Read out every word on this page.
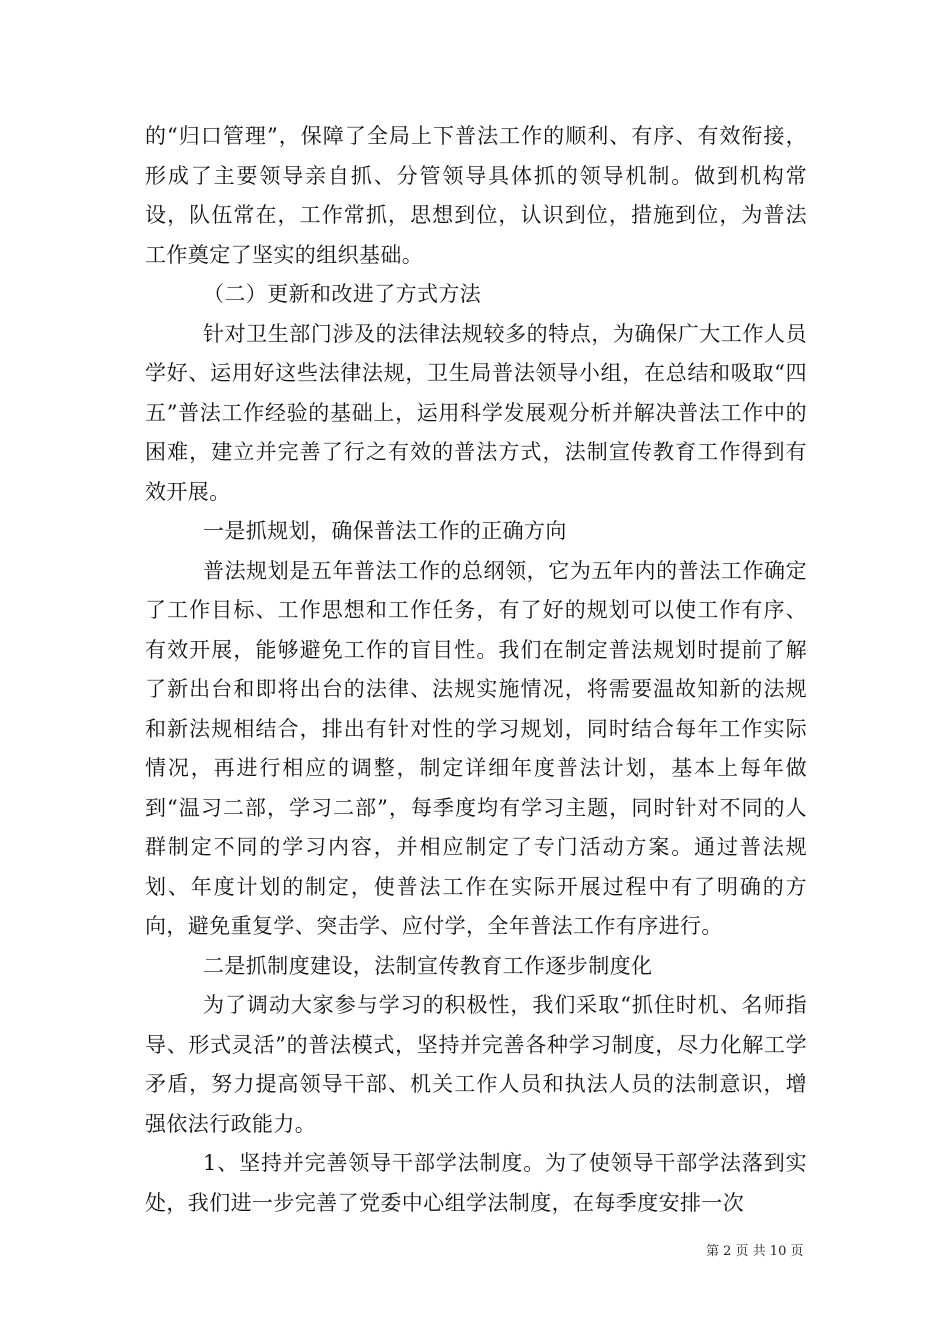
的“归口管理”，保障了全局上下普法工作的顺利、有序、有效衔接，形成了主要领导亲自抓、分管领导具体抓的领导机制。做到机构常设，队伍常在，工作常抓，思想到位，认识到位，措施到位，为普法工作奠定了坚实的组织基础。

（二）更新和改进了方式方法

针对卫生部门涉及的法律法规较多的特点，为确保广大工作人员学好、运用好这些法律法规，卫生局普法领导小组，在总结和吸取“四五”普法工作经验的基础上，运用科学发展观分析并解决普法工作中的困难，建立并完善了行之有效的普法方式，法制宣传教育工作得到有效开展。

一是抓规划，确保普法工作的正确方向

普法规划是五年普法工作的总纲领，它为五年内的普法工作确定了工作目标、工作思想和工作任务，有了好的规划可以使工作有序、有效开展，能够避免工作的盲目性。我们在制定普法规划时提前了解了新出台和即将出台的法律、法规实施情况，将需要温故知新的法规和新法规相结合，排出有针对性的学习规划，同时结合每年工作实际情况，再进行相应的调整，制定详细年度普法计划，基本上每年做到“温习二部，学习二部”，每季度均有学习主题，同时针对不同的人群制定不同的学习内容，并相应制定了专门活动方案。通过普法规划、年度计划的制定，使普法工作在实际开展过程中有了明确的方向，避免重复学、突击学、应付学，全年普法工作有序进行。

二是抓制度建设，法制宣传教育工作逐步制度化

为了调动大家参与学习的积极性，我们采取“抓住时机、名师指导、形式灵活”的普法模式，坚持并完善各种学习制度，尽力化解工学矛盾，努力提高领导干部、机关工作人员和执法人员的法制意识，增强依法行政能力。

1、坚持并完善领导干部学法制度。为了使领导干部学法落到实处，我们进一步完善了党委中心组学法制度，在每季度安排一次

第 2 页 共 10 页
